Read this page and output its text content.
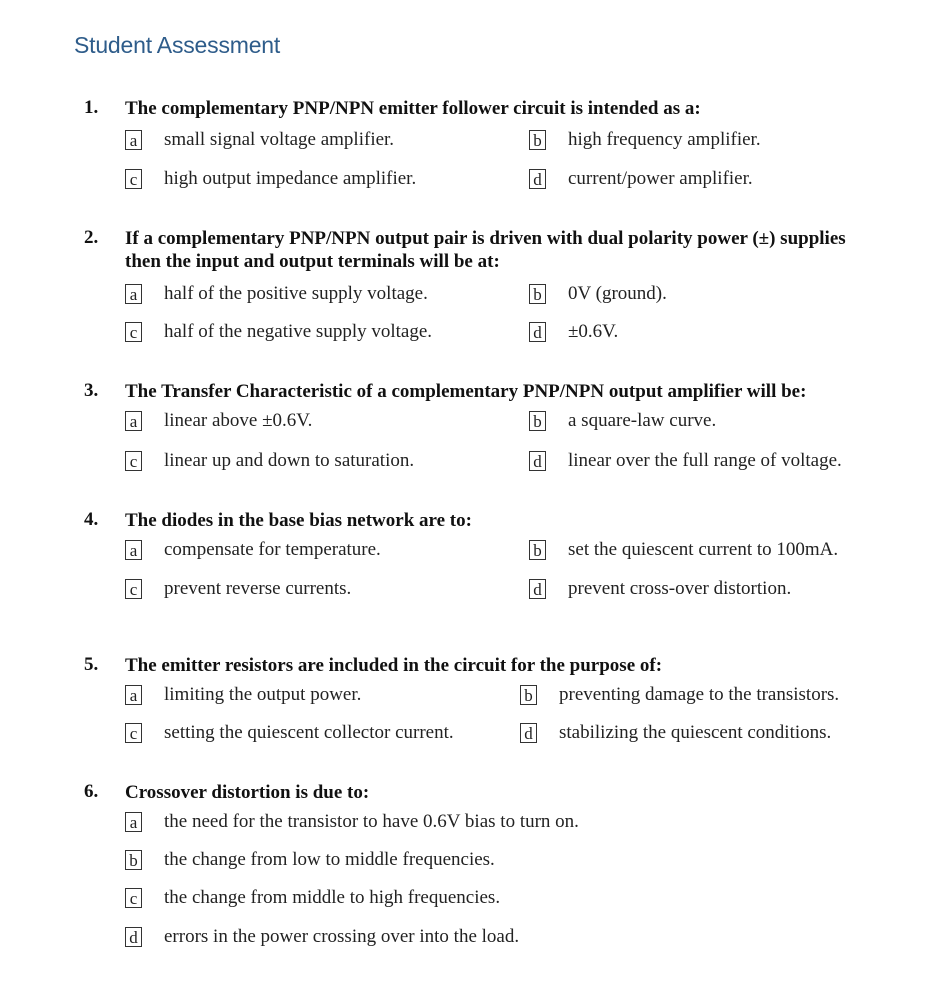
Student Assessment
1. The complementary PNP/NPN emitter follower circuit is intended as a:
a small signal voltage amplifier.	b high frequency amplifier.
c high output impedance amplifier.	d current/power amplifier.
2. If a complementary PNP/NPN output pair is driven with dual polarity power (±) supplies then the input and output terminals will be at:
a half of the positive supply voltage.	b 0V (ground).
c half of the negative supply voltage.	d ±0.6V.
3. The Transfer Characteristic of a complementary PNP/NPN output amplifier will be:
a linear above ±0.6V.	b a square-law curve.
c linear up and down to saturation.	d linear over the full range of voltage.
4. The diodes in the base bias network are to:
a compensate for temperature.	b set the quiescent current to 100mA.
c prevent reverse currents.	d prevent cross-over distortion.
5. The emitter resistors are included in the circuit for the purpose of:
a limiting the output power.	b preventing damage to the transistors.
c setting the quiescent collector current.	d stabilizing the quiescent conditions.
6. Crossover distortion is due to:
a the need for the transistor to have 0.6V bias to turn on.
b the change from low to middle frequencies.
c the change from middle to high frequencies.
d errors in the power crossing over into the load.
